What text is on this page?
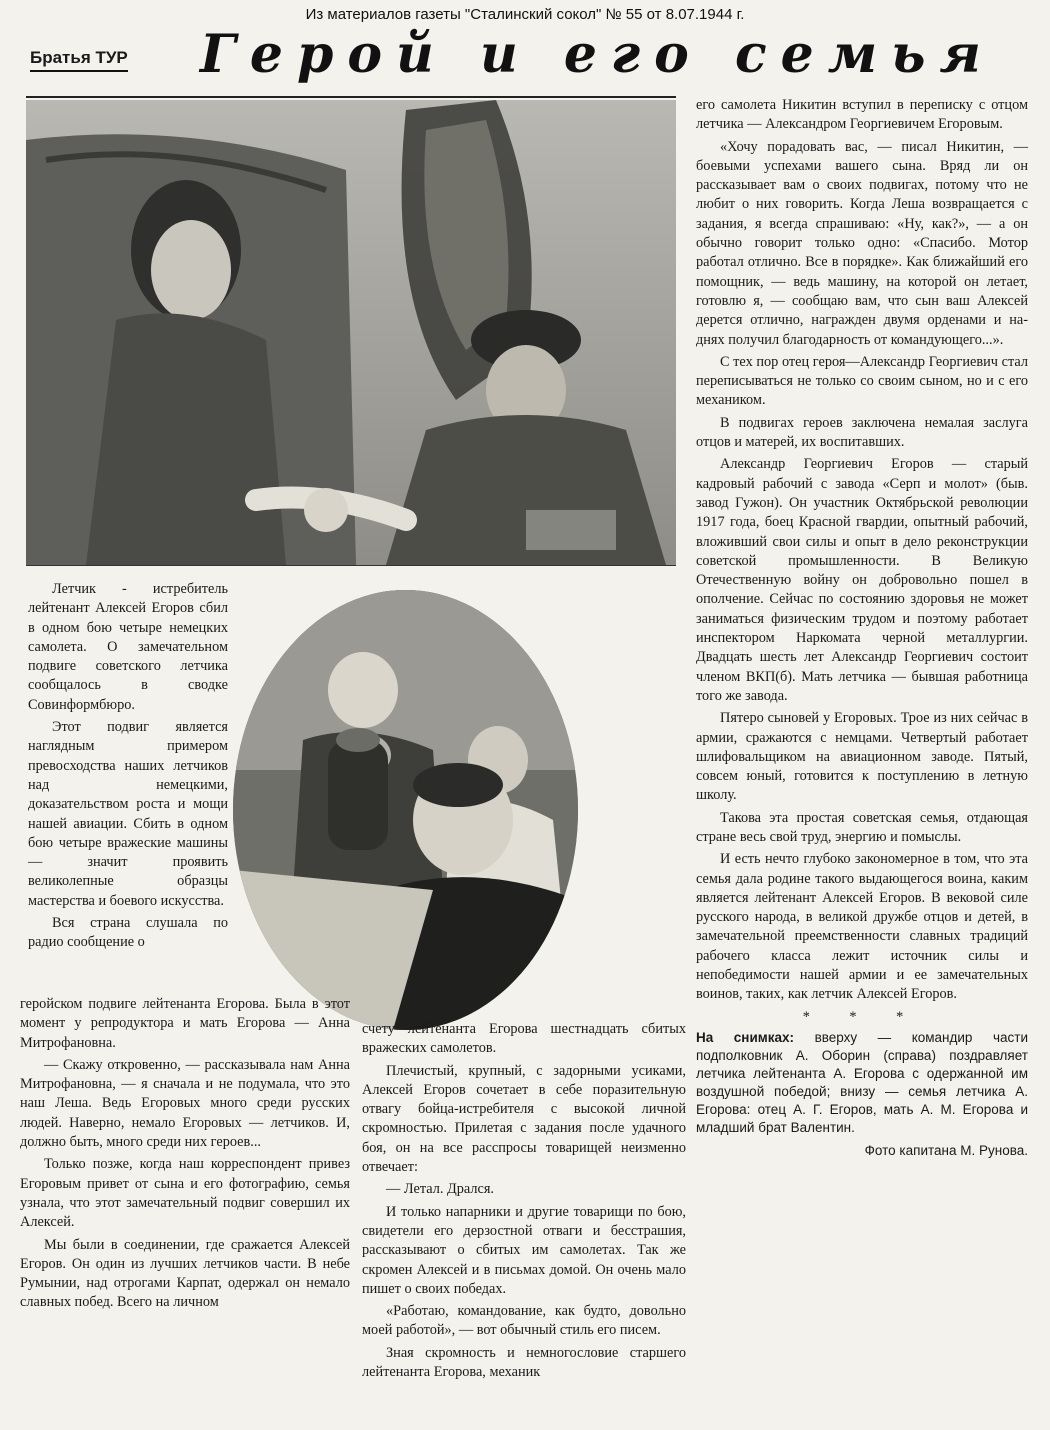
Из материалов газеты "Сталинский сокол" № 55 от 8.07.1944 г.
Братья ТУР Герой и его семья

Летчик - истребитель лейтенант Алексей Егоров сбил в одном бою четыре немецких самолета. О замечательном подвиге советского летчика сообщалось в сводке Совинформбюро.

Этот подвиг является наглядным примером превосходства наших летчиков над немецкими, доказательством роста и мощи нашей авиации. Сбить в одном бою четыре вражеские машины — значит проявить великолепные образцы мастерства и боевого искусства.

Вся страна слушала по радио сообщение о

геройском подвиге лейтенанта Егорова. Была в этот момент у репродуктора и мать Егорова — Анна Митрофановна.

— Скажу откровенно, — рассказывала нам Анна Митрофановна, — я сначала и не подумала, что это наш Леша. Ведь Егоровых много среди русских людей. Наверно, немало Егоровых — летчиков. И, должно быть, много среди них героев...

Только позже, когда наш корреспондент привез Егоровым привет от сына и его фотографию, семья узнала, что этот замечательный подвиг совершил их Алексей.

Мы были в соединении, где сражается Алексей Егоров. Он один из лучших летчиков части. В небе Румынии, над отрогами Карпат, одержал он немало славных побед. Всего на личном

счету лейтенанта Егорова шестнадцать сбитых вражеских самолетов.

Плечистый, крупный, с задорными усиками, Алексей Егоров сочетает в себе поразительную отвагу бойца-истребителя с высокой личной скромностью. Прилетая с задания после удачного боя, он на все расспросы товарищей неизменно отвечает:

— Летал. Дрался.

И только напарники и другие товарищи по бою, свидетели его дерзостной отваги и бесстрашия, рассказывают о сбитых им самолетах. Так же скромен Алексей и в письмах домой. Он очень мало пишет о своих победах.

«Работаю, командование, как будто, довольно моей работой», — вот обычный стиль его писем.

Зная скромность и немногословие старшего лейтенанта Егорова, механик

его самолета Никитин вступил в переписку с отцом летчика — Александром Георгиевичем Егоровым.

«Хочу порадовать вас, — писал Никитин, — боевыми успехами вашего сына. Вряд ли он рассказывает вам о своих подвигах, потому что не любит о них говорить. Когда Леша возвращается с задания, я всегда спрашиваю: «Ну, как?», — а он обычно говорит только одно: «Спасибо. Мотор работал отлично. Все в порядке». Как ближайший его помощник, — ведь машину, на которой он летает, готовлю я, — сообщаю вам, что сын ваш Алексей дерется отлично, награжден двумя орденами и на-днях получил благодарность от командующего...».

С тех пор отец героя—Александр Георгиевич стал переписываться не только со своим сыном, но и с его механиком.

В подвигах героев заключена немалая заслуга отцов и матерей, их воспитавших.

Александр Георгиевич Егоров — старый кадровый рабочий с завода «Серп и молот» (быв. завод Гужон). Он участник Октябрьской революции 1917 года, боец Красной гвардии, опытный рабочий, вложивший свои силы и опыт в дело реконструкции советской промышленности. В Великую Отечественную войну он добровольно пошел в ополчение. Сейчас по состоянию здоровья не может заниматься физическим трудом и поэтому работает инспектором Наркомата черной металлургии. Двадцать шесть лет Александр Георгиевич состоит членом ВКП(б). Мать летчика — бывшая работница того же завода.

Пятеро сыновей у Егоровых. Трое из них сейчас в армии, сражаются с немцами. Четвертый работает шлифовальщиком на авиационном заводе. Пятый, совсем юный, готовится к поступлению в летную школу.

Такова эта простая советская семья, отдающая стране весь свой труд, энергию и помыслы.

И есть нечто глубоко закономерное в том, что эта семья дала родине такого выдающегося воина, каким является лейтенант Алексей Егоров. В вековой силе русского народа, в великой дружбе отцов и детей, в замечательной преемственности славных традиций рабочего класса лежит источник силы и непобедимости нашей армии и ее замечательных воинов, таких, как летчик Алексей Егоров.

* * *
На снимках: вверху — командир части подполковник А. Оборин (справа) поздравляет летчика лейтенанта А. Егорова с одержанной им воздушной победой; внизу — семья летчика А. Егорова: отец А. Г. Егоров, мать А. М. Егорова и младший брат Валентин.
Фото капитана М. Рунова.
